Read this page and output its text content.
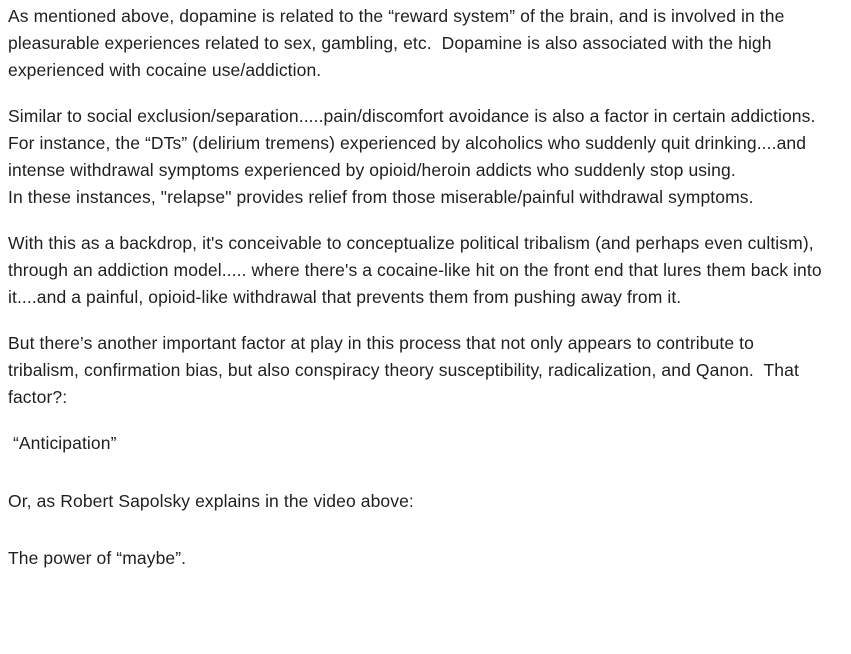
As mentioned above, dopamine is related to the “reward system” of the brain, and is involved in the pleasurable experiences related to sex, gambling, etc.  Dopamine is also associated with the high experienced with cocaine use/addiction.

Similar to social exclusion/separation.....pain/discomfort avoidance is also a factor in certain addictions.  For instance, the “DTs” (delirium tremens) experienced by alcoholics who suddenly quit drinking....and intense withdrawal symptoms experienced by opioid/heroin addicts who suddenly stop using.

In these instances, "relapse" provides relief from those miserable/painful withdrawal symptoms.

With this as a backdrop, it's conceivable to conceptualize political tribalism (and perhaps even cultism), through an addiction model..... where there's a cocaine-like hit on the front end that lures them back into it....and a painful, opioid-like withdrawal that prevents them from pushing away from it.

But there’s another important factor at play in this process that not only appears to contribute to tribalism, confirmation bias, but also conspiracy theory susceptibility, radicalization, and Qanon.  That factor?:

“Anticipation”

Or, as Robert Sapolsky explains in the video above:

The power of “maybe”.
